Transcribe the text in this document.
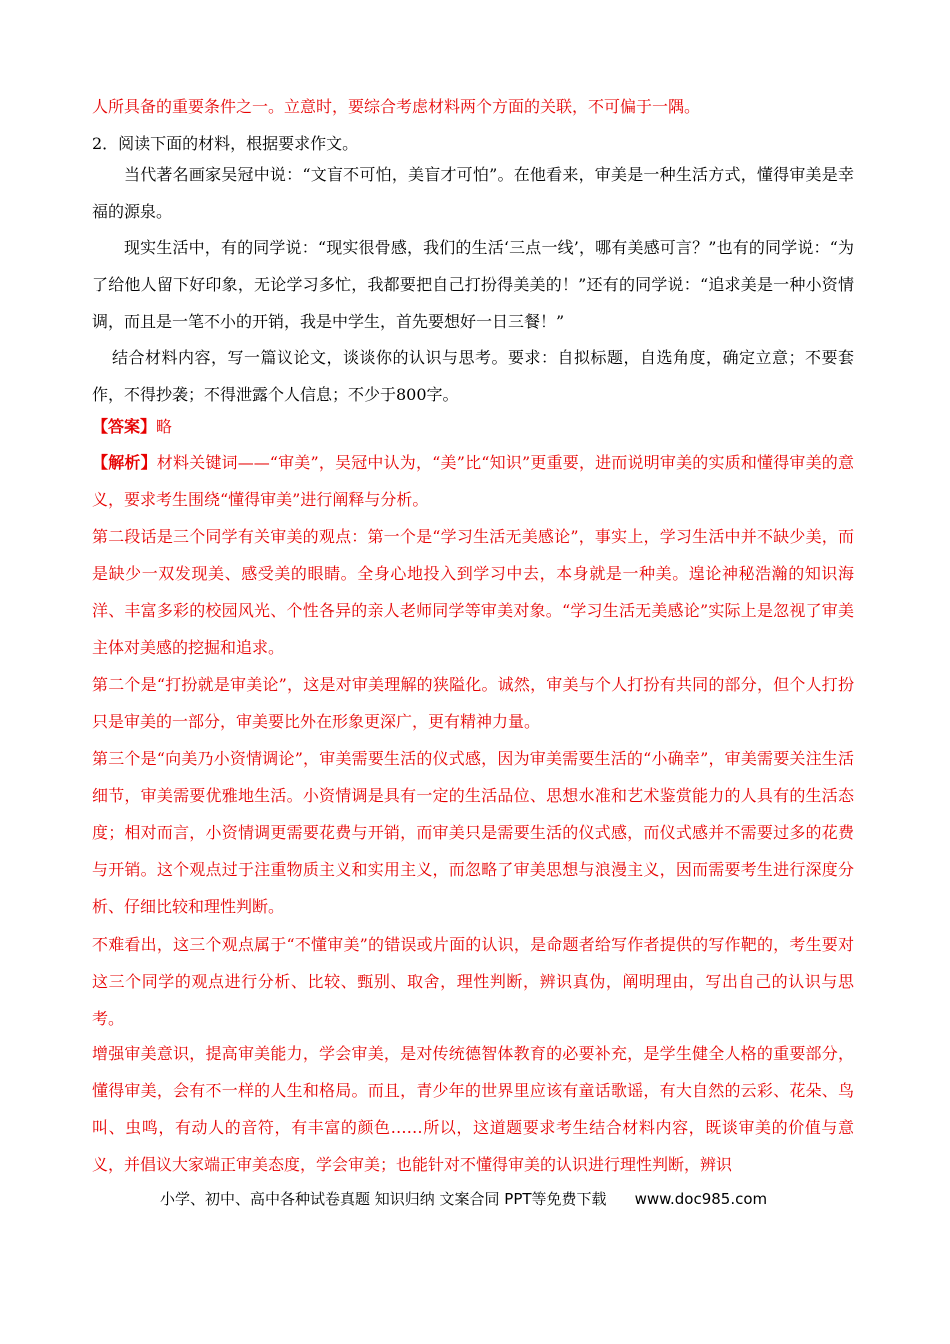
人所具备的重要条件之一。立意时，要综合考虑材料两个方面的关联，不可偏于一隅。

2．阅读下面的材料，根据要求作文。

当代著名画家吴冠中说：“文盲不可怕，美盲才可怕”。在他看来，审美是一种生活方式，懂得审美是幸福的源泉。

现实生活中，有的同学说：“现实很骨感，我们的生活‘三点一线’，哪有美感可言？”也有的同学说：“为了给他人留下好印象，无论学习多忙，我都要把自己打扮得美美的！”还有的同学说：“追求美是一种小资情调，而且是一笔不小的开销，我是中学生，首先要想好一日三餐！”

结合材料内容，写一篇议论文，谈谈你的认识与思考。要求：自拟标题，自选角度，确定立意；不要套作，不得抄袭；不得泄露个人信息；不少于800字。

【答案】略

【解析】材料关键词——“审美”，吴冠中认为，“美”比“知识”更重要，进而说明审美的实质和懂得审美的意义，要求考生围绕“懂得审美”进行阐释与分析。

第二段话是三个同学有关审美的观点：第一个是“学习生活无美感论”，事实上，学习生活中并不缺少美，而是缺少一双发现美、感受美的眼睛。全身心地投入到学习中去，本身就是一种美。遑论神秘浩瀚的知识海洋、丰富多彩的校园风光、个性各异的亲人老师同学等审美对象。“学习生活无美感论”实际上是忽视了审美主体对美感的挖掘和追求。

第二个是“打扮就是审美论”，这是对审美理解的狭隘化。诚然，审美与个人打扮有共同的部分，但个人打扮只是审美的一部分，审美要比外在形象更深广，更有精神力量。

第三个是“向美乃小资情调论”，审美需要生活的仪式感，因为审美需要生活的“小确幸”，审美需要关注生活细节，审美需要优雅地生活。小资情调是具有一定的生活品位、思想水准和艺术鉴赏能力的人具有的生活态度；相对而言，小资情调更需要花费与开销，而审美只是需要生活的仪式感，而仪式感并不需要过多的花费与开销。这个观点过于注重物质主义和实用主义，而忽略了审美思想与浪漫主义，因而需要考生进行深度分析、仔细比较和理性判断。

不难看出，这三个观点属于“不懂审美”的错误或片面的认识，是命题者给写作者提供的写作靶的，考生要对这三个同学的观点进行分析、比较、甄别、取舍，理性判断，辨识真伪，阐明理由，写出自己的认识与思考。

增强审美意识，提高审美能力，学会审美，是对传统德智体教育的必要补充，是学生健全人格的重要部分，懂得审美，会有不一样的人生和格局。而且，青少年的世界里应该有童话歌谣，有大自然的云彩、花朵、鸟叫、虫鸣，有动人的音符，有丰富的颜色……所以，这道题要求考生结合材料内容，既谈审美的价值与意义，并倡议大家端正审美态度，学会审美；也能针对不懂得审美的认识进行理性判断，辨识

小学、初中、高中各种试卷真题 知识归纳 文案合同 PPT等免费下载 www.doc985.com
